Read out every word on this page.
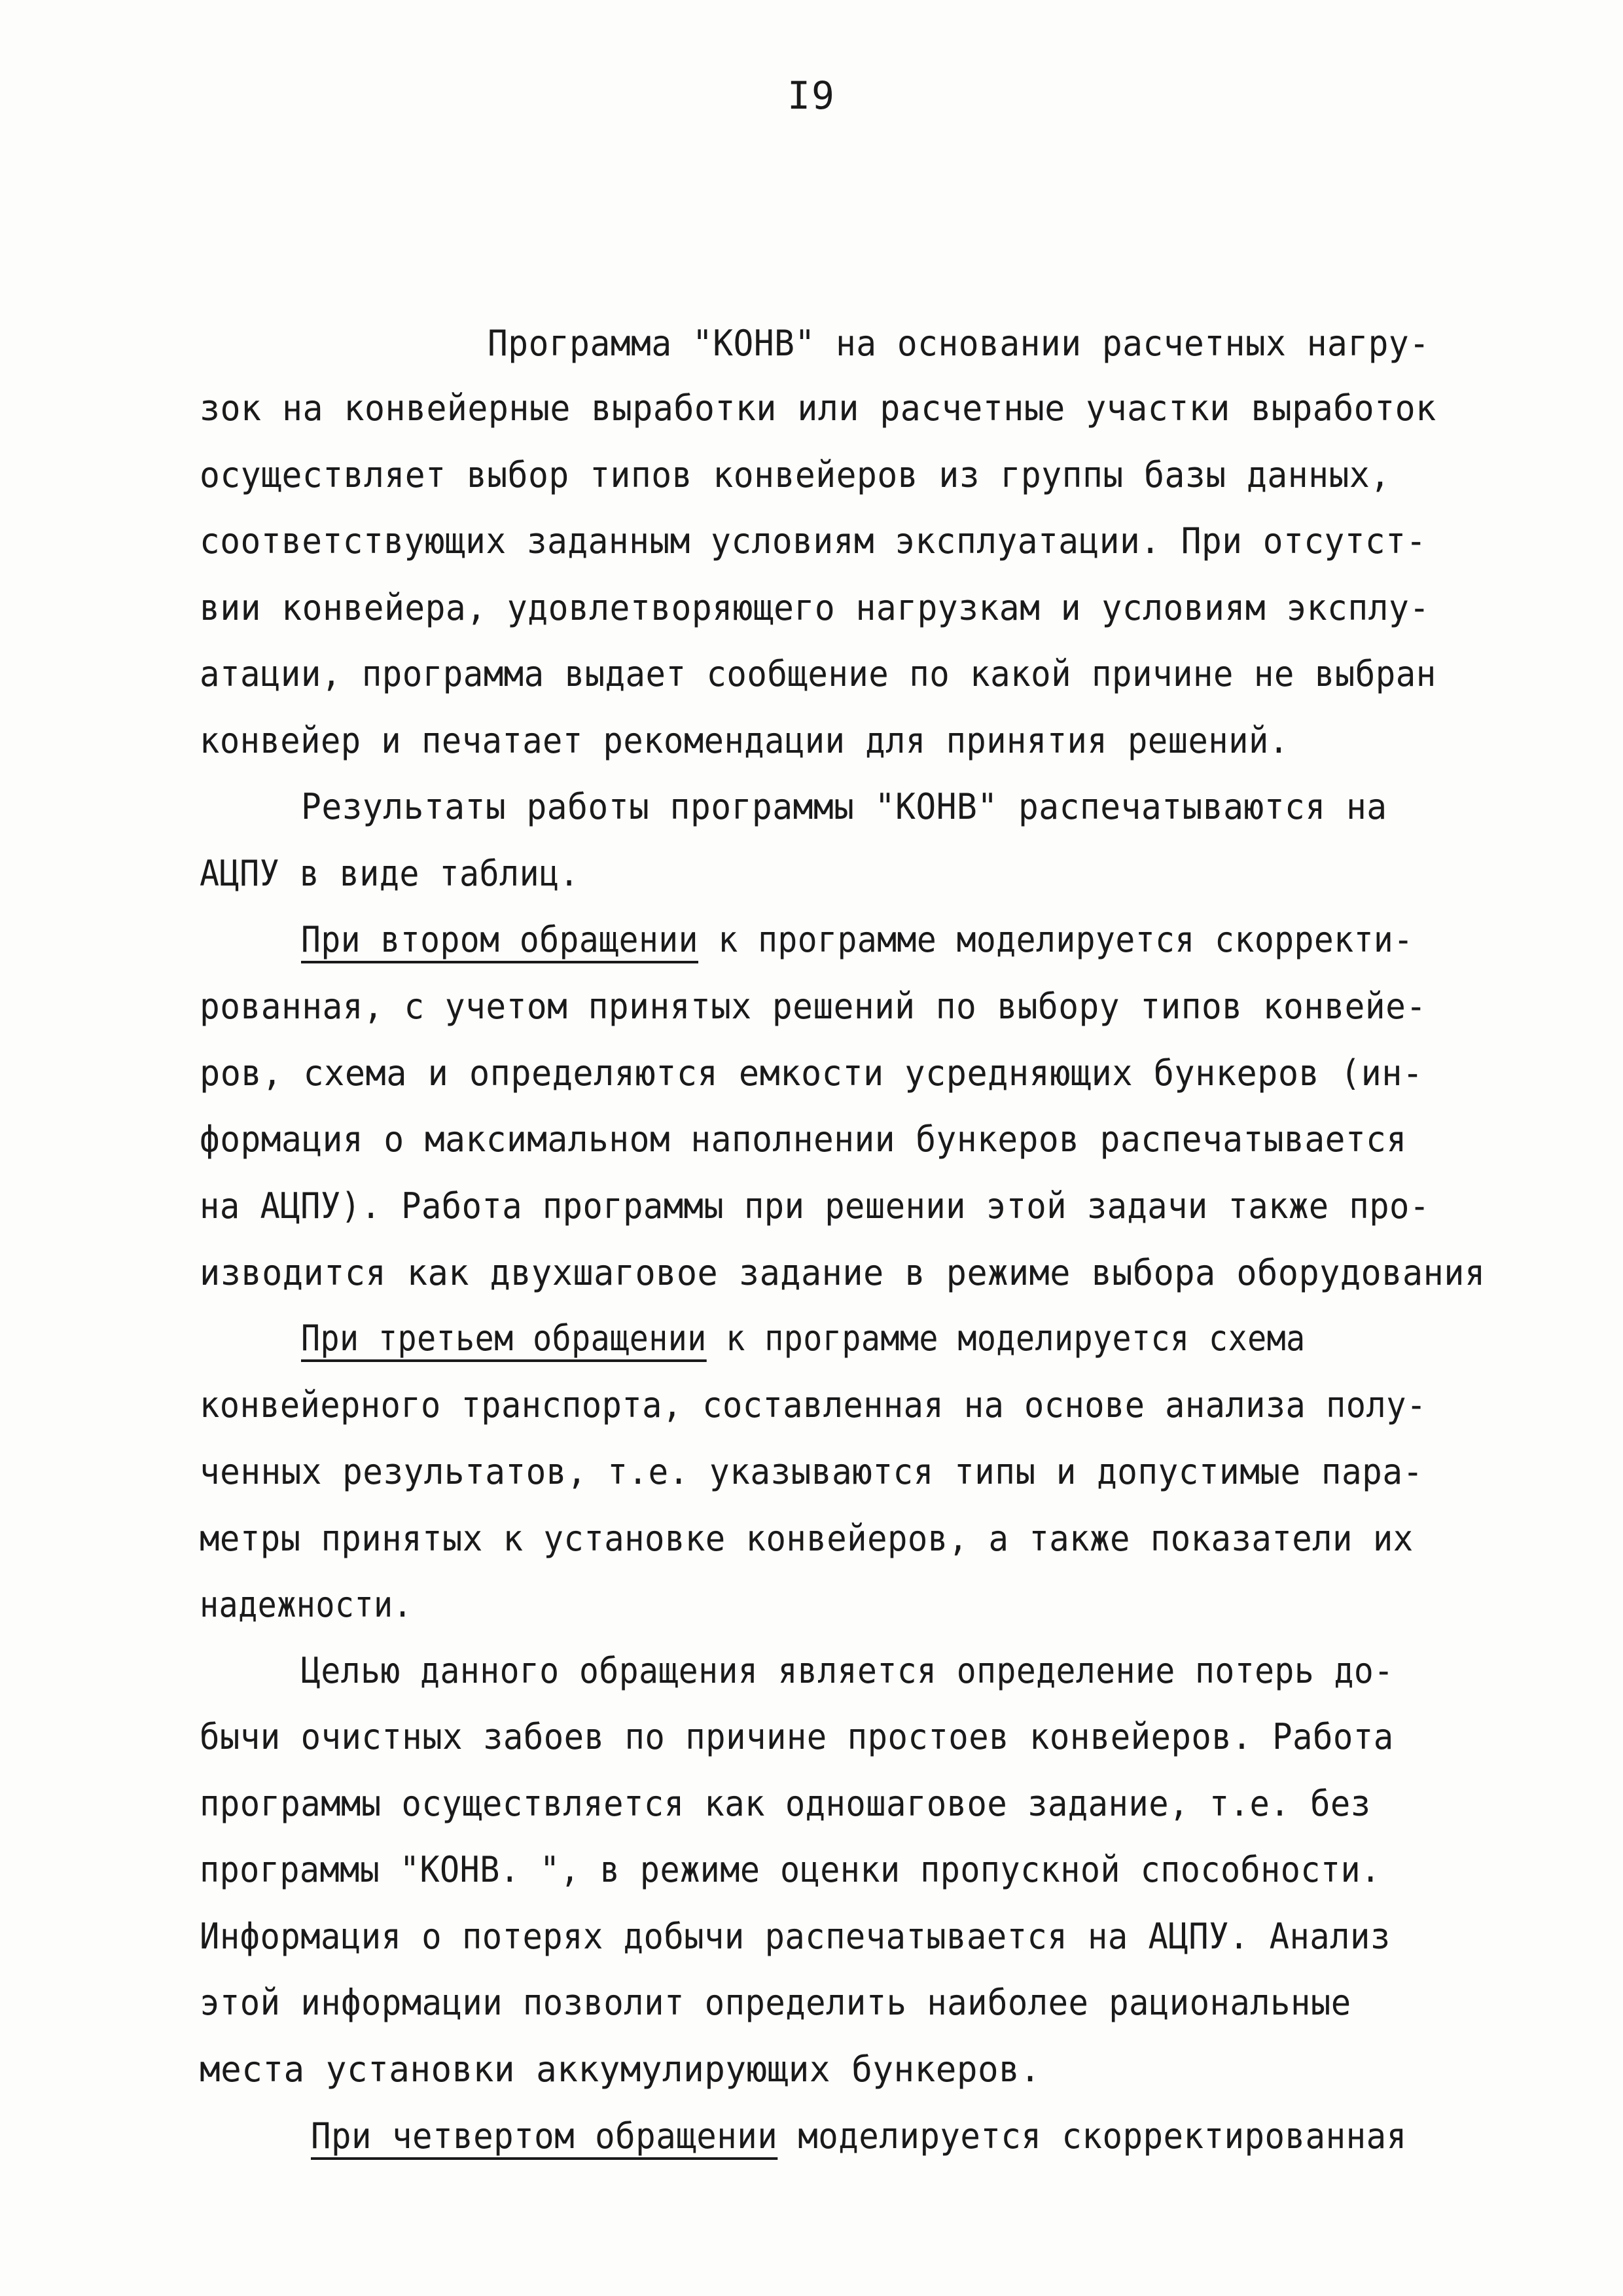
I9
Программа "КОНВ" на основании расчетных нагру-
зок на конвейерные выработки или расчетные участки выработок
осуществляет выбор типов конвейеров из группы базы данных,
соответствующих заданным условиям эксплуатации. При отсутст-
вии конвейера, удовлетворяющего нагрузкам и условиям эксплу-
атации, программа выдает сообщение по какой причине не выбран
конвейер и печатает рекомендации для принятия решений.
Результаты работы программы "КОНВ" распечатываются на
АЦПУ в виде таблиц.
При втором обращении к программе моделируется скорректи-
рованная, с учетом принятых решений по выбору типов конвейе-
ров, схема и определяются емкости усредняющих бункеров (ин-
формация о максимальном наполнении бункеров распечатывается
на АЦПУ). Работа программы при решении этой задачи также про-
изводится как двухшаговое задание в режиме выбора оборудования
При третьем обращении к программе моделируется схема
конвейерного транспорта, составленная на основе анализа полу-
ченных результатов, т.е. указываются типы и допустимые пара-
метры принятых к установке конвейеров, а также показатели их
надежности.
Целью данного обращения является определение потерь до-
бычи очистных забоев по причине простоев конвейеров. Работа
программы осуществляется как одношаговое задание, т.е. без
программы "КОНВ. ", в режиме оценки пропускной способности.
Информация о потерях добычи распечатывается на АЦПУ. Анализ
этой информации позволит определить наиболее рациональные
места установки аккумулирующих бункеров.
При четвертом обращении моделируется скорректированная
